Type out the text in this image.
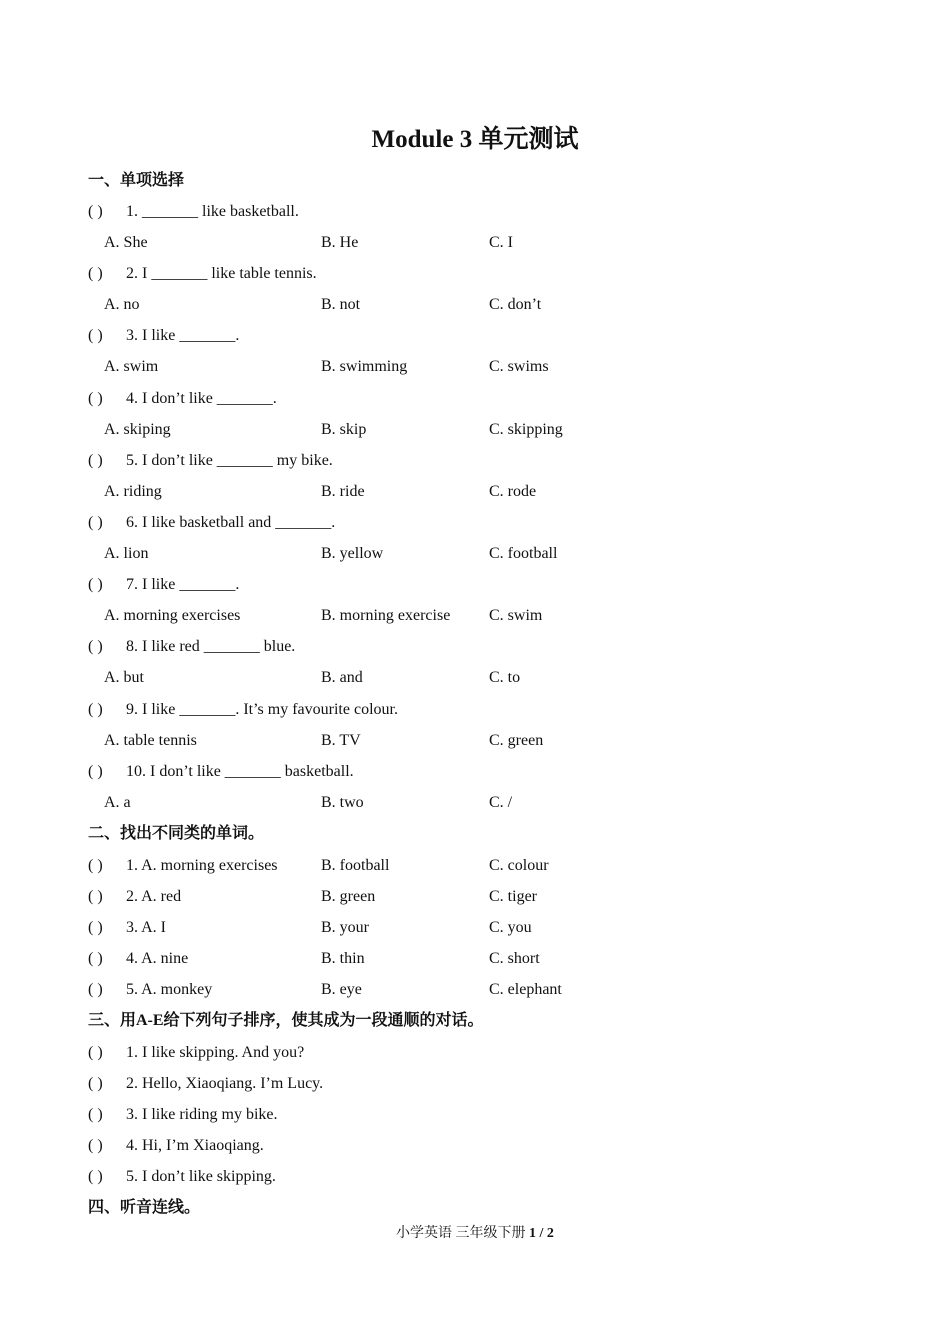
Module 3 单元测试
一、单项选择
( ) 1. _______ like basketball.
A. She	B. He	C. I
( ) 2. I _______ like table tennis.
A. no	B. not	C. don’t
( ) 3. I like _______.
A. swim	B. swimming	C. swims
( ) 4. I don’t like _______.
A. skiping	B. skip	C. skipping
( ) 5. I don’t like _______ my bike.
A. riding	B. ride	C. rode
( ) 6. I like basketball and _______.
A. lion	B. yellow	C. football
( ) 7. I like _______.
A. morning exercises	B. morning exercise C. swim
( ) 8. I like red _______ blue.
A. but	B. and	C. to
( ) 9. I like _______. It’s my favourite colour.
A. table tennis	B. TV	C. green
( ) 10. I don’t like _______ basketball.
A. a	B. two	C. /
二、找出不同类的单词。
( ) 1. A. morning exercises	B. football	C. colour
( ) 2. A. red	B. green	C. tiger
( ) 3. A. I	B. your	C. you
( ) 4. A. nine	B. thin	C. short
( ) 5. A. monkey	B. eye	C. elephant
三、用A-E给下列句子排序，使其成为一段通顺的对话。
( ) 1. I like skipping. And you?
( ) 2. Hello, Xiaoqiang. I’m Lucy.
( ) 3. I like riding my bike.
( ) 4. Hi, I’m Xiaoqiang.
( ) 5. I don’t like skipping.
四、听音连线。
小学英语 三年级下册 1 / 2
